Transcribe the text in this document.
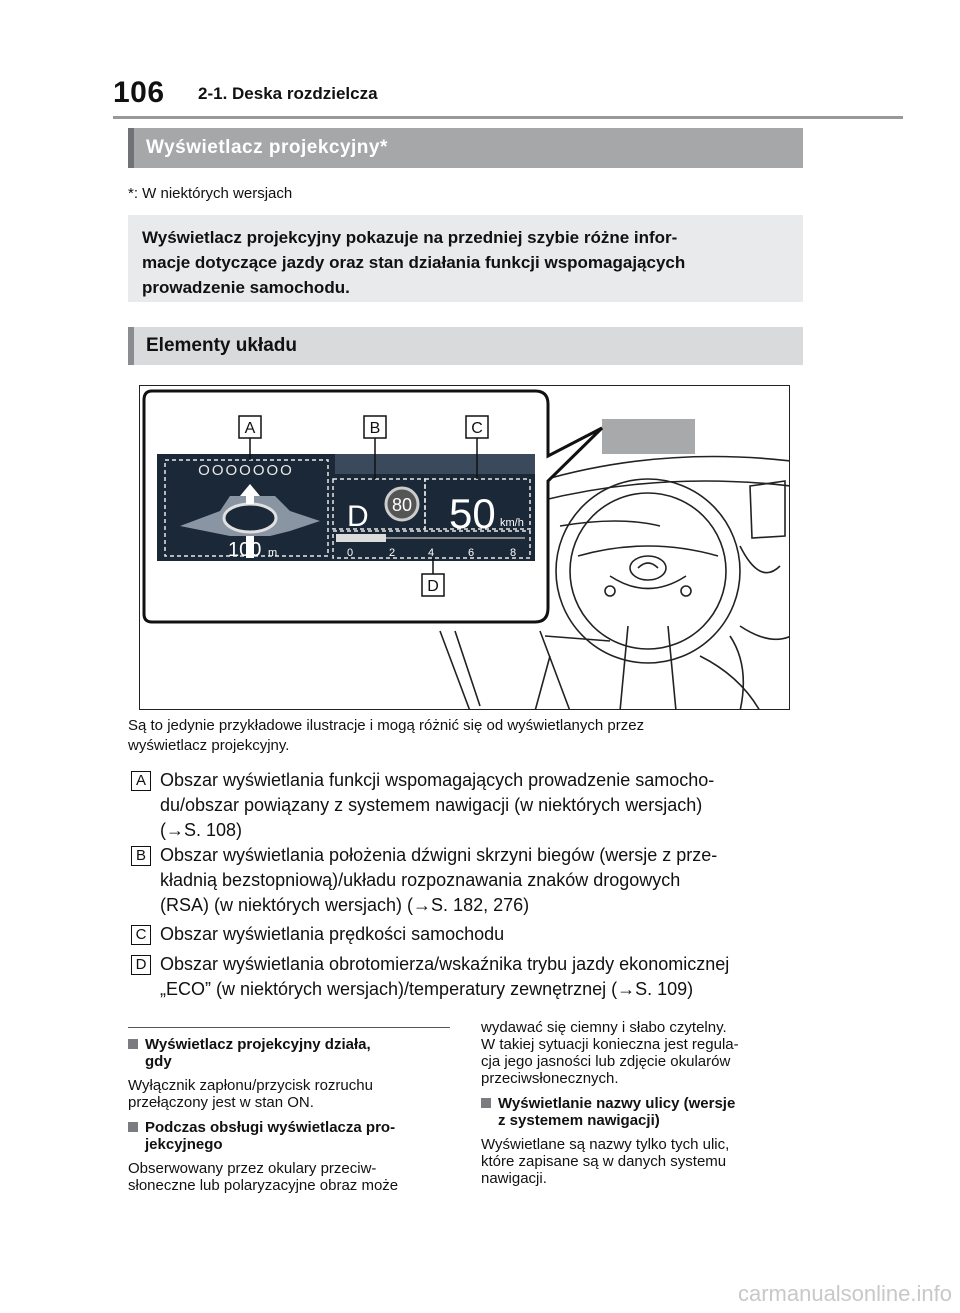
106 2-1. Deska rozdzielcza
Wyświetlacz projekcyjny*
*: W niektórych wersjach
Wyświetlacz projekcyjny pokazuje na przedniej szybie różne infor-
macje dotyczące jazdy oraz stan działania funkcji wspomagających
prowadzenie samochodu.
Elementy układu
OOOOOOO
100 m
D 80 50 km/h
0	2	4	6	8
A	B	C
D
Są to jedynie przykładowe ilustracje i mogą różnić się od wyświetlanych przez
wyświetlacz projekcyjny.
A Obszar wyświetlania funkcji wspomagających prowadzenie samocho-
du/obszar powiązany z systemem nawigacji (w niektórych wersjach)
(→S. 108)
B Obszar wyświetlania położenia dźwigni skrzyni biegów (wersje z prze-
kładnią bezstopniową)/układu rozpoznawania znaków drogowych
(RSA) (w niektórych wersjach) (→S. 182, 276)
C Obszar wyświetlania prędkości samochodu
D Obszar wyświetlania obrotomierza/wskaźnika trybu jazdy ekonomicznej
„ECO” (w niektórych wersjach)/temperatury zewnętrznej (→S. 109)
Wyświetlacz projekcyjny działa,
gdy
Wyłącznik zapłonu/przycisk rozruchu
przełączony jest w stan ON.
Podczas obsługi wyświetlacza pro-
jekcyjnego
Obserwowany przez okulary przeciw-
słoneczne lub polaryzacyjne obraz może
wydawać się ciemny i słabo czytelny.
W takiej sytuacji konieczna jest regula-
cja jego jasności lub zdjęcie okularów
przeciwsłonecznych.
Wyświetlanie nazwy ulicy (wersje
z systemem nawigacji)
Wyświetlane są nazwy tylko tych ulic,
które zapisane są w danych systemu
nawigacji.
carmanualsonline.info
